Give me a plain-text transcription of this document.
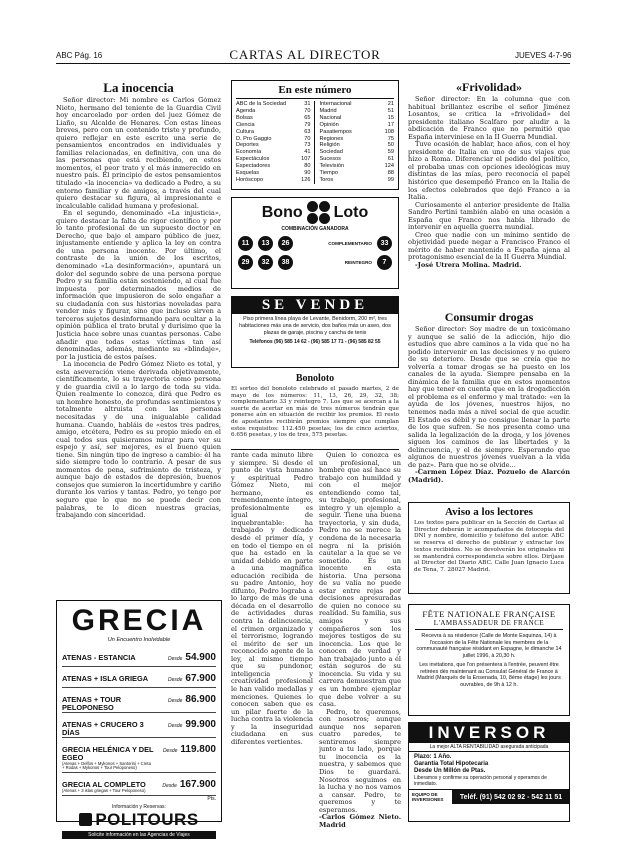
ABC Pág. 16	CARTAS AL DIRECTOR	JUEVES 4-7-96
La inocencia

Señor director: Mi nombre es Carlos Gómez Nieto, hermano del teniente de la Guardia Civil hoy encarcelado por orden del juez Gómez de Liaño, su Alcalde de Henares. Con estas líneas breves, pero con un contenido triste y profundo, quiero reflejar en este escrito una serie de pensamientos encontrados en individuales y familias relacionadas, en definitiva, con una de las personas que está recibiendo, en estos momentos, el peor trato y el más inmerecido en nuestro país. El principio de estos pensamientos titulado «la inocencia» va dedicado a Pedro, a su entorno familiar y de amigos, a través del cual quiero destacar su figura, al impresionante e incalculable calidad humana y profesional.

En el segundo, denominado «La injusticia», quiero destacar la falta de rigor científico y por lo tanto profesional de un supuesto doctor en Derecho, que bajo el amparo público de juez, injustamente entiende y aplica la ley en contra de una persona inocente. Por último, el contraste de la unión de los escritos, denominado «La desinformación», apuntará un dolor del segundo sobre de una persona porque Pedro y su familia están sosteniendo, al cual fue impuesta por determinados medios de información que impusieron de solo engañar a su ciudadanía con sus historias noveladas para vender más y figurar, sino que incluso sirven a terceros sujetos desinformando para ocultar a la opinión pública el trato brutal y durísimo que la Justicia hace sobre unas cuantas personas. Cabe añadir que todas estas víctimas tan así denominadas, además, mediante su «blindaje», por la justicia de estos países.

La inocencia de Pedro Gómez Nieto es total, y esta aseveración viene derivada objetivamente, científicamente, lo su trayectoria como persona y de guardia civil a lo largo de toda su vida. Quien realmente lo conozca, dirá que Pedro es un hombre honesto, de profundas sentimientos y totalmente altruista con las personas necesitadas y de una inigualable calidad humana. Cuando, habláis de «estos tres padres, amigo, etcétera, Pedro es su propio miedo en el cual todos sus quisieramos mirar para ver su espejo y así, ser mejores, es el bueno quien tiene. Sin ningún tipo de ingreso a cambio: él ha sido siempre todo lo contrario. A pesar de sus momentos de pena, sufrimiento de tristeza, y aunque bajo de estados de depresión, buenos consejos que sumieron la incertidumbre y cariño durante los varios y tantas. Pedro, yo tengo por seguro que lo que no se puede decir con palabras, te lo dicen nuestras gracias, trabajando con sinceridad.

GRECIA
Un Encuentro Inolvidable
ATENAS - ESTANCIA	Desde 54.900
ATENAS + ISLA GRIEGA	Desde 67.900
ATENAS + TOUR PELOPONESO
Desde 86.900
ATENAS + CRUCERO 3 DÍAS
Desde 99.900
GRECIA HELÉNICA Y DEL EGEO
(Atenas + Delfos + Mykonos + Santorini + Creta + Rodas + Mykonos + Tour Peloponeso)
Desde 119.800
GRECIA AL COMPLETO
(Atenas + 3 islas griegas + Tour Peloponeso)
Desde 167.900
Pts.
Información y Reservas:
POLITOURS
Solicite información en las Agencias de Viajes
En este número
ABC de la Sociedad	31
Agenda	70
Bolsas	65
Ciencia	79
Cultura	63
D. Pro Gaggio	70
Deportes	73
Economía	41
Espectáculos	107
Espectadores	80
Esquelas	90
Horóscopo	126
Internacional	21
Madrid	51
Nacional	15
Opinión	17
Pasatiempos	108
Regiones	75
Religión	50
Sociedad	59
Sucesos	61
Televisión	124
Tiempo	88
Toros	99
Bono Loto
COMBINACIÓN GANADORA
11	13	26	COMPLEMENTARIO	33
29	32	38	REINTEGRO	7
SE VENDE
Piso primera línea playa de Levante, Benidorm, 200 m², tres habitaciones más una de servicio, dos baños más un aseo, dos plazas de garaje, piscina y cancha de tenis
Teléfonos (96) 585 14 62 - (96) 585 17 71 - (96) 585 82 55
Bonoloto
El sorteo del bonoloto celebrado el pasado martes, 2 de mayo de los números: 11, 13, 26, 29, 32, 38; complementario 33 y reintegro 7. Los que se acercan a la suerte de acertar en más de tres números tendrán que ponerse aún en situación de recibir los premios. El resto de apostantes recibirán premios siempre que cumplan estos requisitos: 112.450 pesetas; los de cinco aciertos, 6.656 pesetas, y los de tres, 575 pesetas.

rante cada minuto libre y siempre. Si desde el punto de vista humano y espiritual Pedro Gómez Nieto, mi hermano, es tremendamente íntegro, profesionalmente es igual de inquebrantable: ha trabajado y dedicado desde el primer día, y en todo el tiempo en el que ha estado en la unidad debido en parte a una magnífica educación recibida de su padre Antonio, hoy difunto, Pedro lograba a lo largo de más de una década en el desarrollo de actividades duras contra la delincuencia, el crimen organizado y el terrorismo, logrando el mérito de ser un reconocido agente de la ley, al mismo tiempo que su pundonor, inteligencia y creatividad profesional le han valido medallas y menciones. Quienes lo conocen saben que es un pilar fuerte de la lucha contra la violencia y la inseguridad ciudadana en sus diferentes vertientes.

Quien lo conozca es un profesional, un hombre que así hace su trabajo con humildad y con el mejor entendiendo como tal, su trabajo, profesional, integro y un ejemplo a seguir. Tiene una buena trayectoria, y sin duda, Pedro no se merece la condena de la necesaria negra ni la prisión cautelar a la que se ve sometido. Es un inocente en esta historia. Una persona de su valía no puede estar entre rejas por decisiones apresuradas de quien no conoce su realidad. Su familia, sus amigos y sus compañeros son los mejores testigos de su inocencia. Los que le conocen de verdad y han trabajado junto a él están seguros de su inocencia. Su vida y su carrera demuestran que es un hombre ejemplar que debe volver a su casa.

Pedro, te queremos, con nosotros; aunque aunque nos separen cuatro paredes, te sentiremos siempre junto a tu lado, porque tu inocencia es la nuestra, y sabemos que Dios te guardará. Nosotros seguimos en la lucha y no nos vamos a cansar. Pedro, te queremos y te esperamos.

-Carlos Gómez Nieto. Madrid

«Frivolidad»

Señor director: En la columna que con habitual brillantez escribe el señor Jiménez Losantos, se critica la «frivolidad» del presidente italiano Scalfaro por aludir a la abdicación de Franco que no permitió que España interviniese en la II Guerra Mundial.

Tuve ocasión de hablar, hace años, con el hoy presidente de Italia en uno de sus viajes que hizo a Roma. Diferenciar el pedido del político, el probaba unas con opciones ideológicas muy distintas de las mías, pero reconocía el papel histórico que desempeñó Franco en la Italia de los efectos celebrados que dejó Franco a ia Italia.

Curiosamente el anterior presidente de Italia Sandro Pertini también alabó en una ocasión a España que Franco nos había librado de intervenir en aquella guerra mundial.

Creo que nadie con un mínimo sentido de objetividad puede negar a Francisco Franco el mérito de haber mantenido a España ajena al protagonismo esencial de la II Guerra Mundial.

-José Utrera Molina. Madrid.

Consumir drogas

Señor director: Soy madre de un toxicómano y aunque se salió de la adicción, hijo dio estudios que abre caminos a la vida que no ha podido intervenir en las decisiones y no quiero de su deterioro. Desde que se creía que no volvería a tomar drogas se ha puesto en los canales de la ayuda. Siempre pensaba en la dinámica de la familia que en estos momentos hay que tener en cuenta que en la drogadicción el problema es el enfermo y mal tratado: «en la ayuda de los jóvenes, nuestros hijos, no tenemos nada más a nivel social de que acudir. El Estado es débil y no consigue llenar la parte de los que sufren. Se nos presenta como una salida la legalización de la droga, y los jóvenes siguen los caminos de las libertades y la delincuencia, y el de siempre. Esperando que algunos de nuestros jóvenes vuelvan a la vida de paz». Para que no se olvide...

-Carmen López Díaz. Pozuelo de Alarcón (Madrid).

Aviso a los lectores
Los textos para publicar en la Sección de Cartas al Director deberán ir acompañados de fotocopia del DNI y nombre, domicilio y teléfono del autor. ABC se reserva el derecho de publicar y extractar los textos recibidos. No se devolverán los originales ni se mantendrá correspondencia sobre ellos. Diríjase al Director del Diario ABC. Calle Juan Ignacio Luca de Tena, 7. 28027 Madrid.
FÊTE NATIONALE FRANÇAISE
L'AMBASSADEUR DE FRANCE
Recevra à sa résidence (Calle de Monte Esquinza, 14) à l'occasion de la Fête Nationale les membres de la communauté française résidant en Espagne, le dimanche 14 juillet 1996, à 20,30 h.
Les invitations, que l'on présentera à l'entrée, peuvent être retirées dès maintenant au Consulat Général de France à Madrid (Marqués de la Ensenada, 10, 8ème étage) les jours ouvrables, de 9h à 12 h.
INVERSOR
La mejor ALTA RENTABILIDAD asegurada anticipada
Plazo: 1 Año.
Garantía Total Hipotecaria
Desde Un Millón de Ptas.
Liberamos y confirme su operación personal y operamos de inmediato.
EQUIPO DE INVERSIONES	Teléf. (91) 542 02 92 - 542 11 51
